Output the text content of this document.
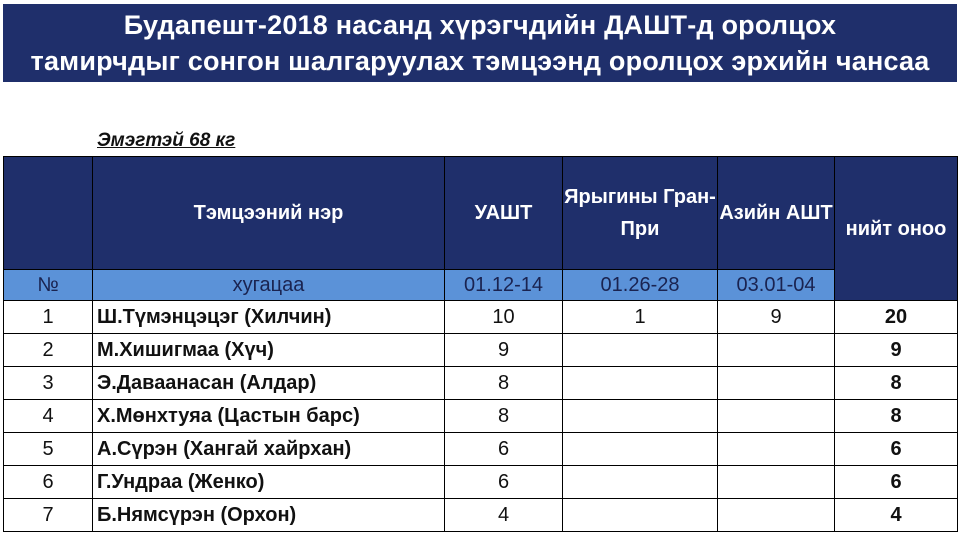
Будапешт-2018 насанд хүрэгчдийн ДАШТ-д оролцох
тамирчдыг сонгон шалгаруулах тэмцээнд оролцох эрхийн чансаа
Эмэгтэй 68 кг
	Тэмцээний нэр	УАШТ	Ярыгины Гран-При	Азийн АШТ	нийт оноо
№	хугацаа	01.12-14	01.26-28	03.01-04	
1	Ш.Түмэнцэцэг (Хилчин)	10	1	9	20
2	М.Хишигмаа (Хүч)	9			9
3	Э.Даваанасан (Алдар)	8			8
4	Х.Мөнхтуяа (Цастын барс)	8			8
5	А.Сүрэн (Хангай хайрхан)	6			6
6	Г.Ундраа (Женко)	6			6
7	Б.Нямсүрэн (Орхон)	4			4
